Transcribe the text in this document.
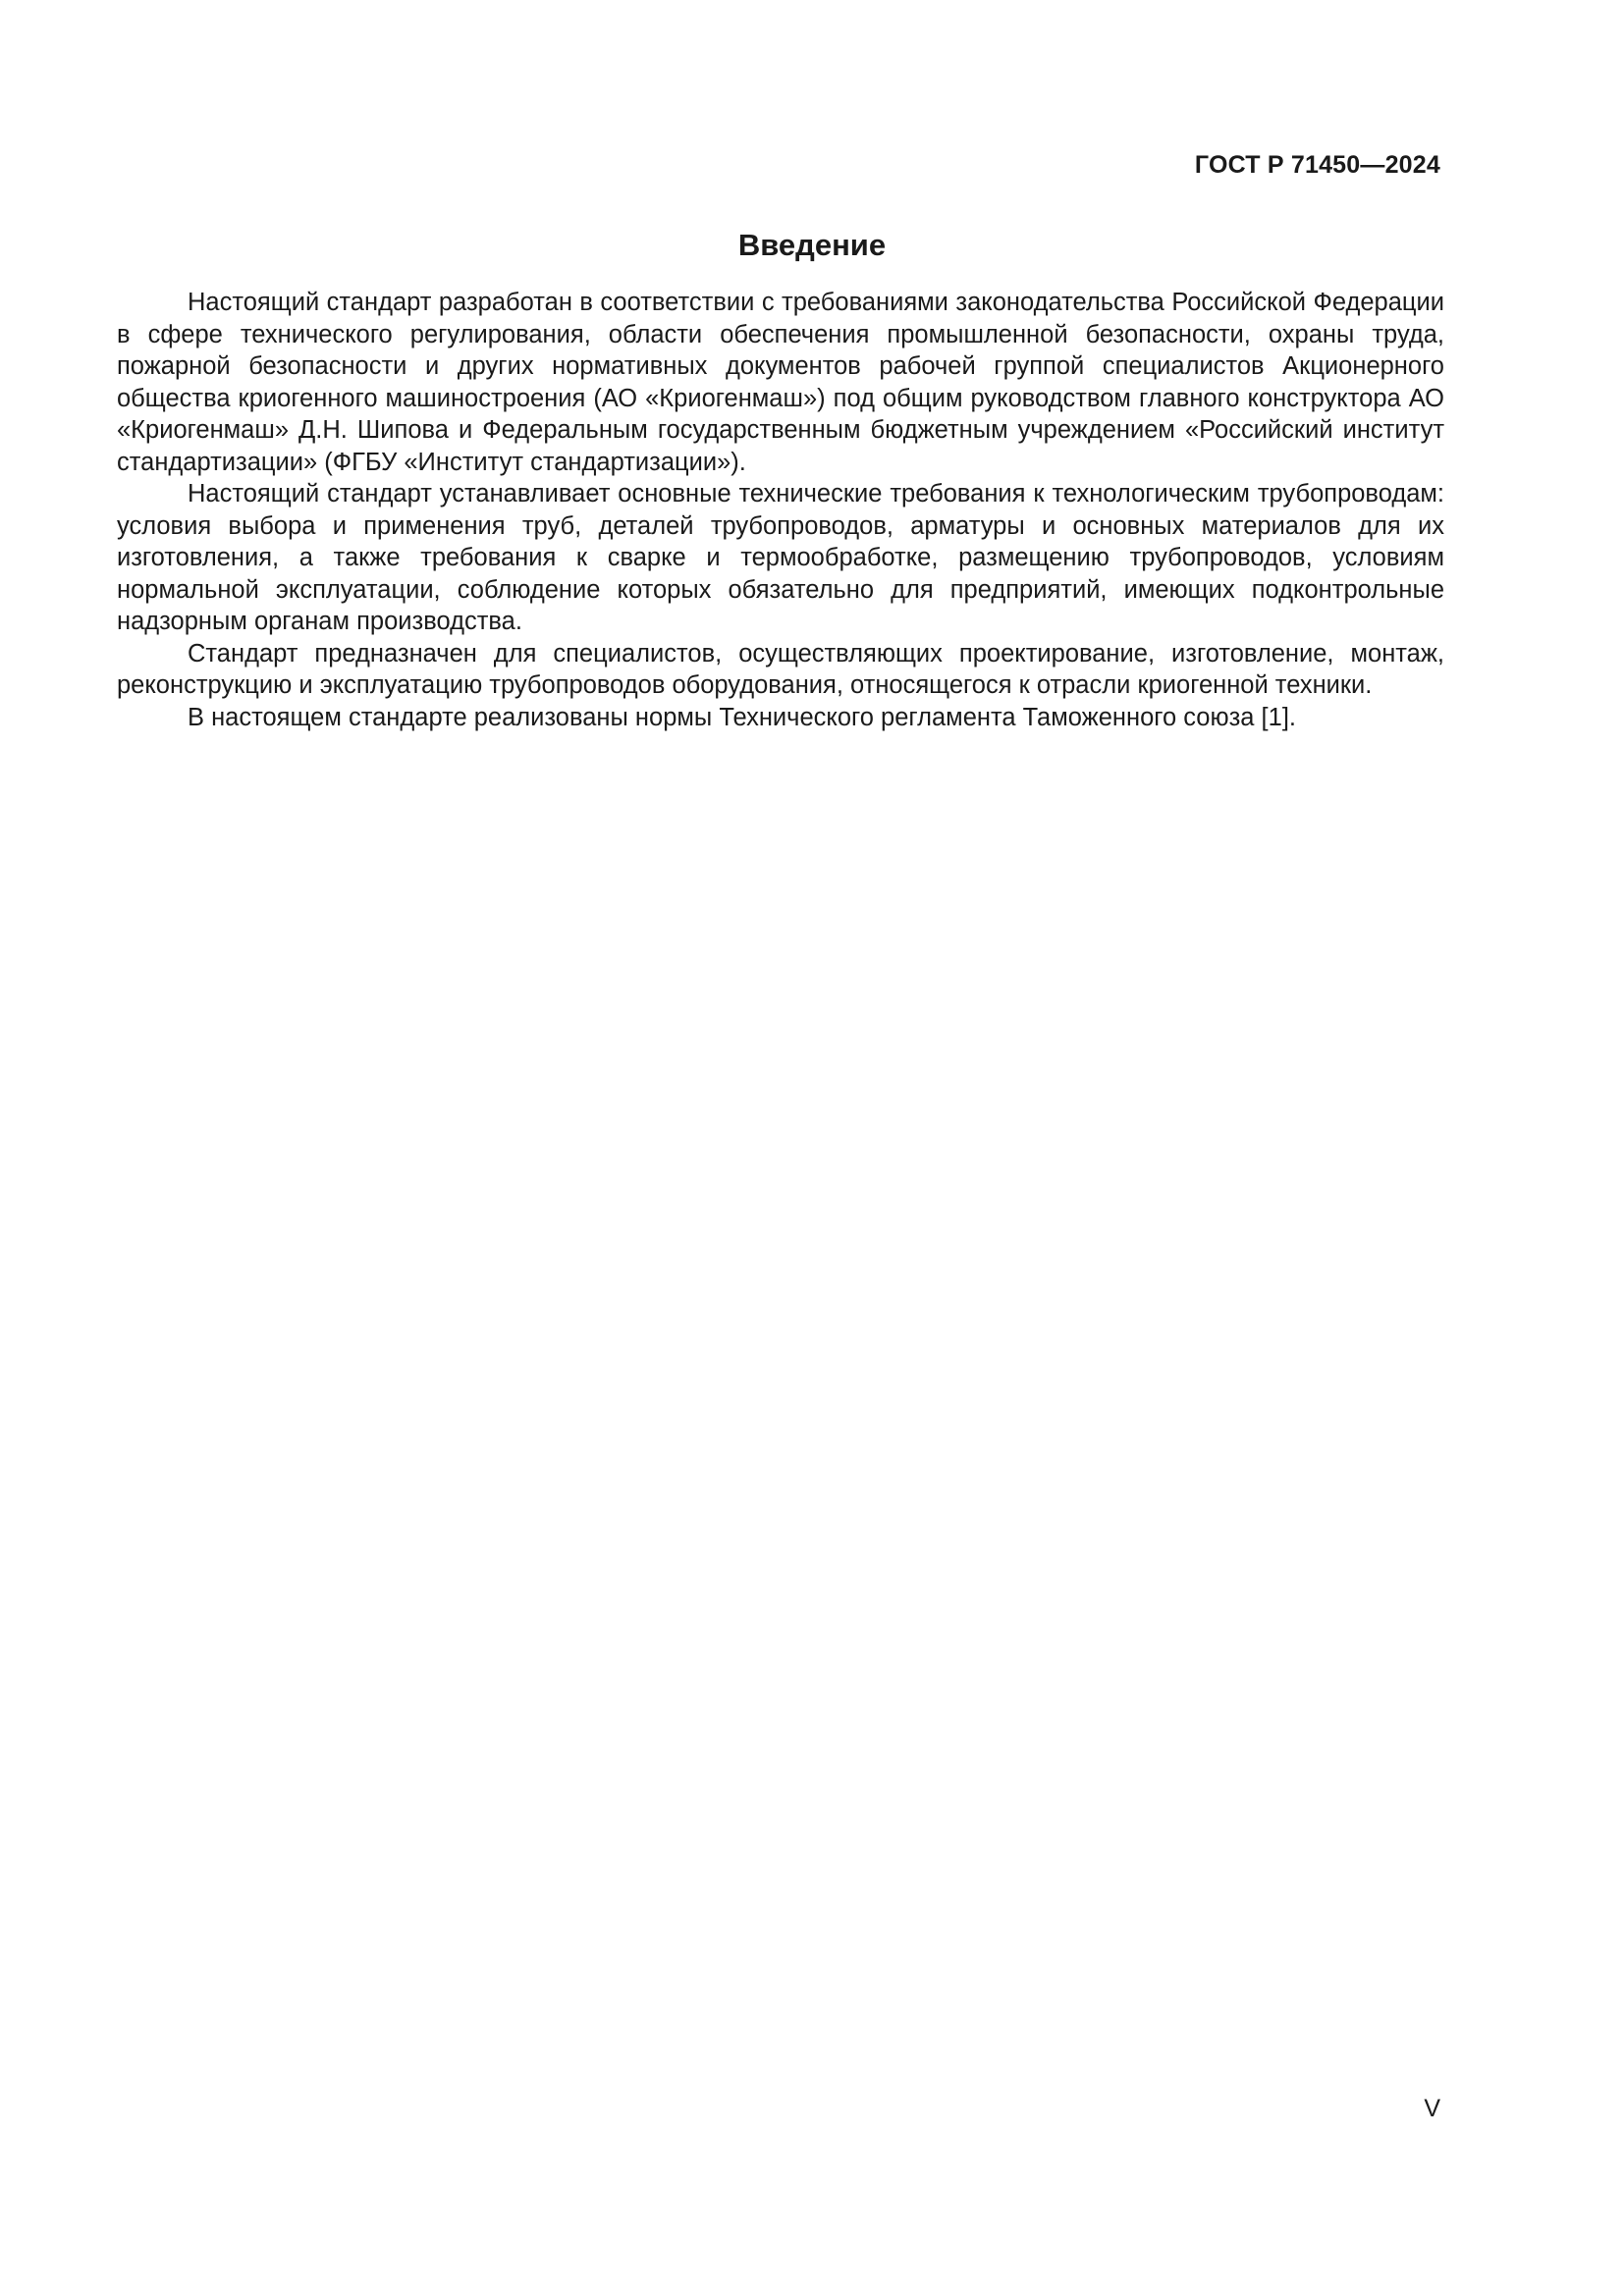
ГОСТ Р 71450—2024
Введение

Настоящий стандарт разработан в соответствии с требованиями законодательства Российской Федерации в сфере технического регулирования, области обеспечения промышленной безопасности, охраны труда, пожарной безопасности и других нормативных документов рабочей группой специалистов Акционерного общества криогенного машиностроения (АО «Криогенмаш») под общим руководством главного конструктора АО «Криогенмаш» Д.Н. Шипова и Федеральным государственным бюджетным учреждением «Российский институт стандартизации» (ФГБУ «Институт стандартизации»).

Настоящий стандарт устанавливает основные технические требования к технологическим трубопроводам: условия выбора и применения труб, деталей трубопроводов, арматуры и основных материалов для их изготовления, а также требования к сварке и термообработке, размещению трубопроводов, условиям нормальной эксплуатации, соблюдение которых обязательно для предприятий, имеющих подконтрольные надзорным органам производства.

Стандарт предназначен для специалистов, осуществляющих проектирование, изготовление, монтаж, реконструкцию и эксплуатацию трубопроводов оборудования, относящегося к отрасли криогенной техники.

В настоящем стандарте реализованы нормы Технического регламента Таможенного союза [1].

V
